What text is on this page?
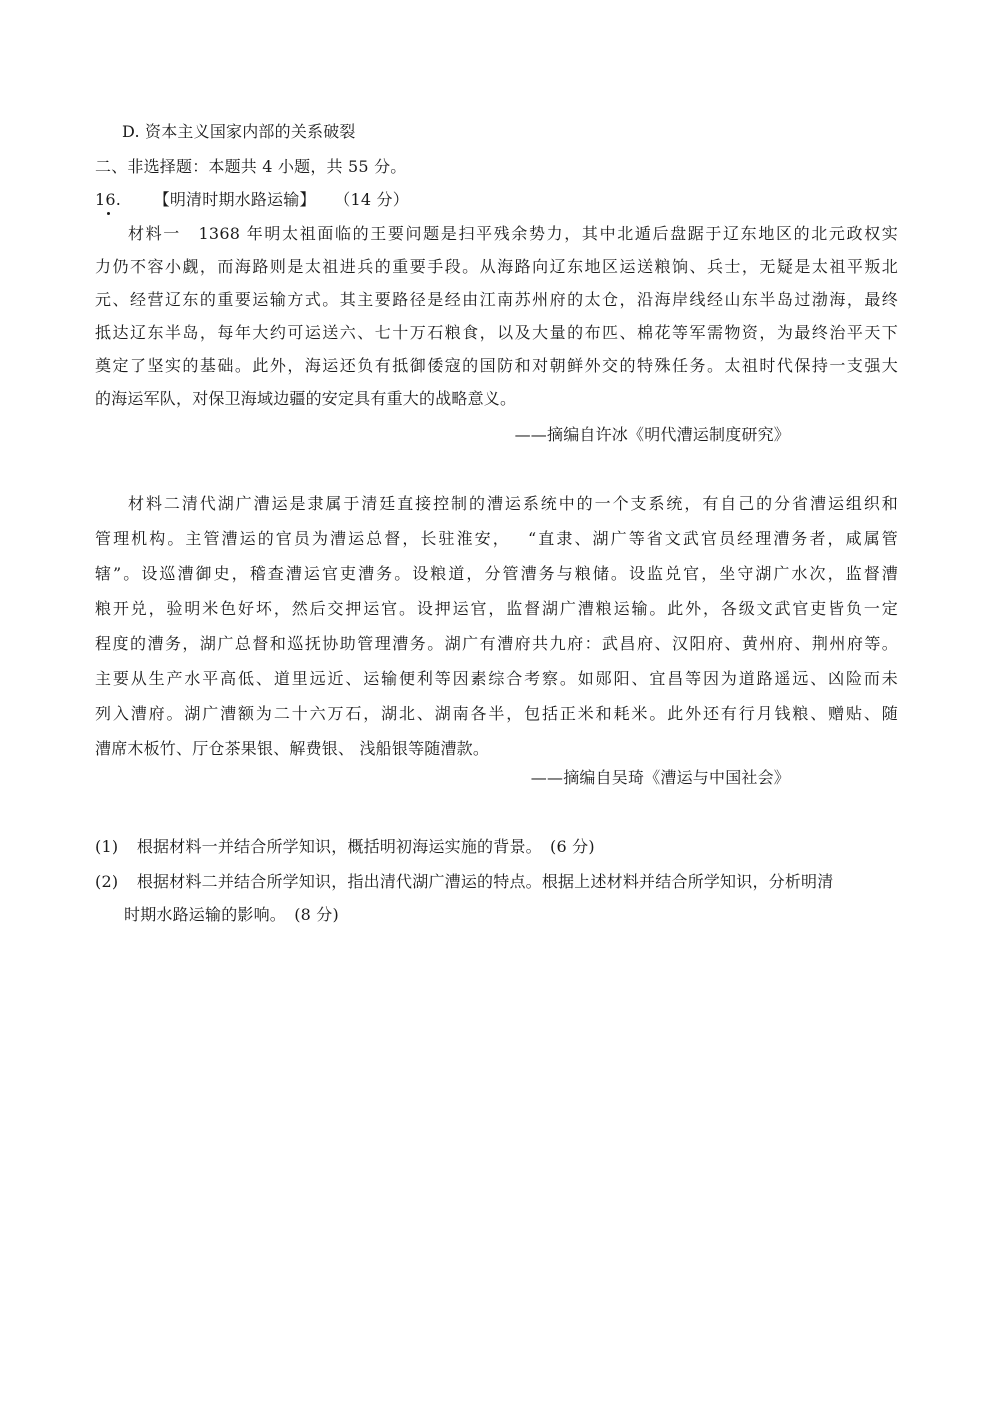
D. 资本主义国家内部的关系破裂
二、非选择题：本题共 4 小题，共 55 分。
16. 【明清时期水路运输】 （14 分）
材料一　1368 年明太祖面临的王要问题是扫平残余势力，其中北遁后盘踞于辽东地区的北元政权实
力仍不容小觑，而海路则是太祖进兵的重要手段。从海路向辽东地区运送粮饷、兵士，无疑是太祖平叛北
元、经营辽东的重要运输方式。其主要路径是经由江南苏州府的太仓，沿海岸线经山东半岛过渤海，最终
抵达辽东半岛，每年大约可运送六、七十万石粮食，以及大量的布匹、棉花等军需物资，为最终治平天下
奠定了坚实的基础。此外，海运还负有抵御倭寇的国防和对朝鲜外交的特殊任务。太祖时代保持一支强大
的海运军队，对保卫海域边疆的安定具有重大的战略意义。
——摘编自许冰《明代漕运制度研究》
材料二清代湖广漕运是隶属于清廷直接控制的漕运系统中的一个支系统，有自己的分省漕运组织和
管理机构。主管漕运的官员为漕运总督，长驻淮安，　 “直隶、湖广等省文武官员经理漕务者，咸属管
辖”。设巡漕御史，稽查漕运官吏漕务。设粮道，分管漕务与粮储。设监兑官，坐守湖广水次，监督漕
粮开兑，验明米色好坏，然后交押运官。设押运官，监督湖广漕粮运输。此外，各级文武官吏皆负一定
程度的漕务，湖广总督和巡抚协助管理漕务。湖广有漕府共九府：武昌府、汉阳府、黄州府、荆州府等。
主要从生产水平高低、道里远近、运输便利等因素综合考察。如郧阳、宜昌等因为道路遥远、凶险而未
列入漕府。湖广漕额为二十六万石，湖北、湖南各半，包括正米和耗米。此外还有行月钱粮、赠贴、随
漕席木板竹、厅仓茶果银、解费银、 浅船银等随漕款。
——摘编自吴琦《漕运与中国社会》
(1) 根据材料一并结合所学知识，概括明初海运实施的背景。　(6 分)
(2) 根据材料二并结合所学知识，指出清代湖广漕运的特点。根据上述材料并结合所学知识，分析明清
时期水路运输的影响。　(8 分)
